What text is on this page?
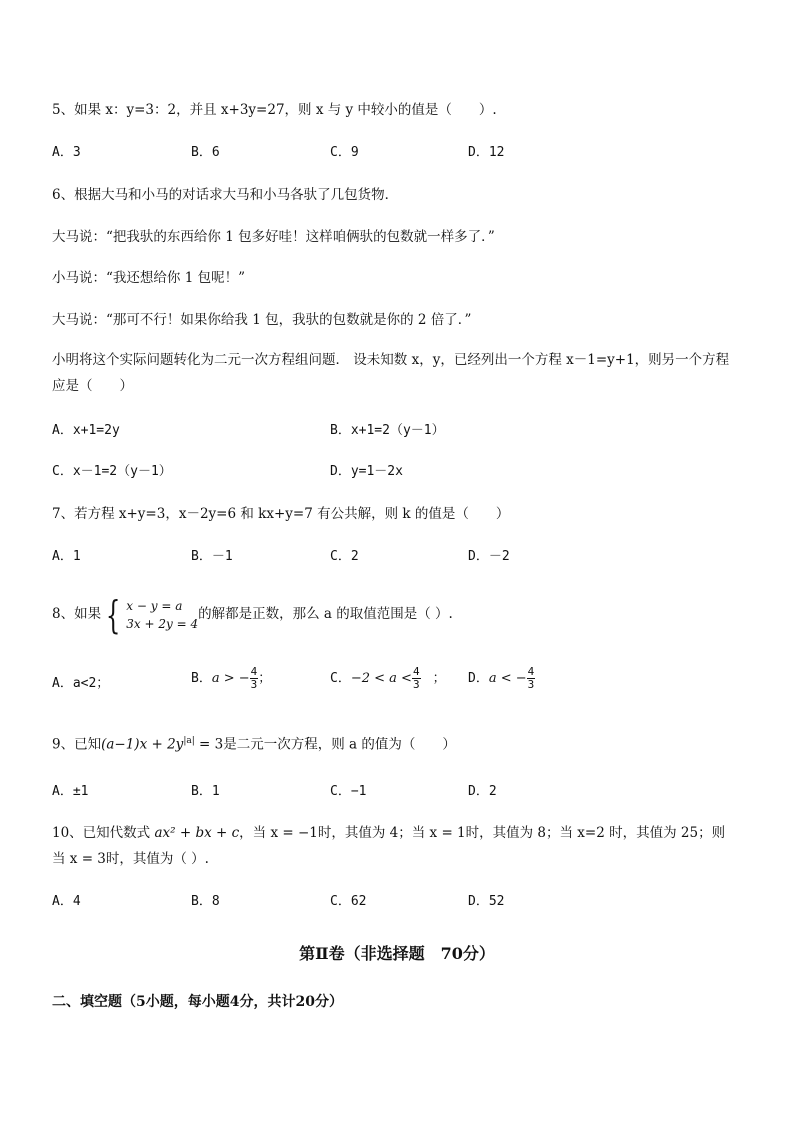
5、如果 x：y=3：2，并且 x+3y=27，则 x 与 y 中较小的值是（　　）.
A．3	B．6	C．9	D．12
6、根据大马和小马的对话求大马和小马各驮了几包货物．
大马说：“把我驮的东西给你 1 包多好哇！这样咱俩驮的包数就一样多了．”
小马说：“我还想给你 1 包呢！”
大马说：“那可不行！如果你给我 1 包，我驮的包数就是你的 2 倍了．”
小明将这个实际问题转化为二元一次方程组问题． 设未知数 x，y，已经列出一个方程 x－1=y+1，则另一个方程应是（　　）
A．x+1=2y	B．x+1=2（y－1）
C．x－1=2（y－1）	D．y=1－2x
7、若方程 x+y=3，x－2y=6 和 kx+y=7 有公共解，则 k 的值是（　　）
A．1	B．－1	C．2	D．－2
8、如果 { x − y = a
3x + 2y = 4
的解都是正数，那么 a 的取值范围是（ ）.
A．a<2；	B．a > − $\frac{4}{3}$ ；	C．$-2 < a < \frac{4}{3}$ ； D．a < − $\frac{4}{3}$
9、已知$(a-1)x + 2y^{|a|} = 3$是二元一次方程，则 a 的值为（　　）
A．±1	B．1	C．−1	D．2
10、已知代数式 ax² + bx + c，当 x = −1时，其值为 4；当 x = 1时，其值为 8；当 x=2 时，其值为 25；则
当 x = 3时，其值为（ ）.
A．4	B．8	C．62	D．52
第Ⅱ卷（非选择题　70分）
二、填空题（5小题，每小题4分，共计20分）
